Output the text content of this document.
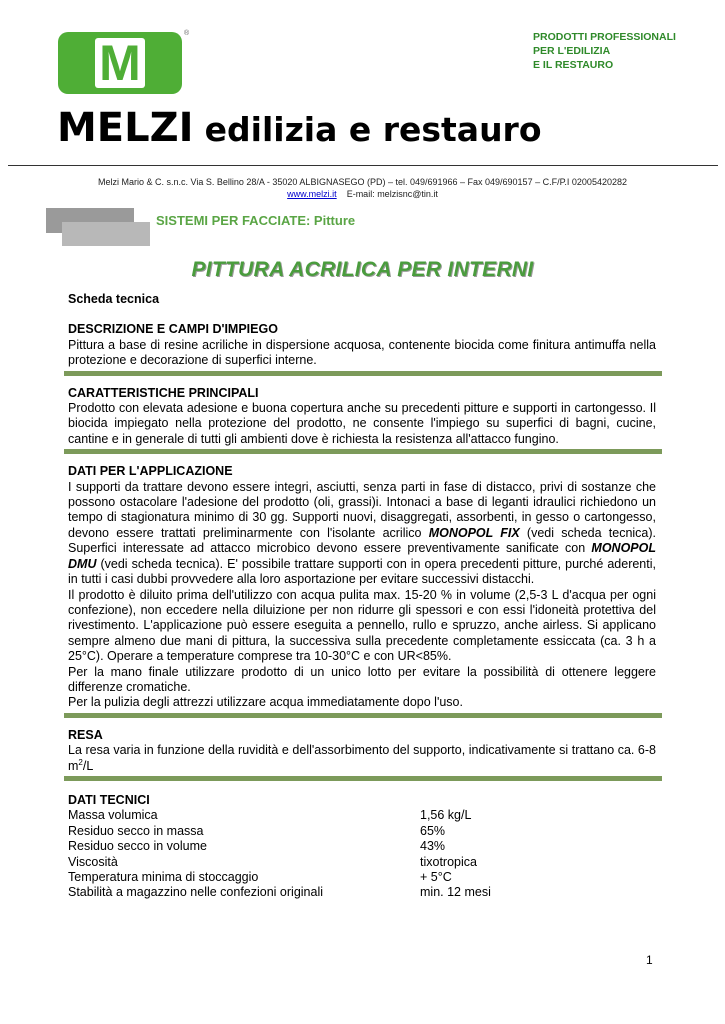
M
®
MELZI edilizia e restauro
PRODOTTI PROFESSIONALI
PER L'EDILIZIA
E IL RESTAURO
Melzi Mario & C. s.n.c. Via S. Bellino 28/A - 35020 ALBIGNASEGO (PD) – tel. 049/691966 – Fax 049/690157 – C.F/P.I 02005420282
www.melzi.it E-mail: melzisnc@tin.it
SISTEMI PER FACCIATE: Pitture
PITTURA ACRILICA PER INTERNI

Scheda tecnica

DESCRIZIONE E CAMPI D'IMPIEGO

Pittura a base di resine acriliche in dispersione acquosa, contenente biocida come finitura antimuffa nella protezione e decorazione di superfici interne.

CARATTERISTICHE PRINCIPALI

Prodotto con elevata adesione e buona copertura anche su precedenti pitture e supporti in cartongesso. Il biocida impiegato nella protezione del prodotto, ne consente l'impiego su superfici di bagni, cucine, cantine e in generale di tutti gli ambienti dove è richiesta la resistenza all'attacco fungino.

DATI PER L'APPLICAZIONE

I supporti da trattare devono essere integri, asciutti, senza parti in fase di distacco, privi di sostanze che possono ostacolare l'adesione del prodotto (oli, grassi)i. Intonaci a base di leganti idraulici richiedono un tempo di stagionatura minimo di 30 gg. Supporti nuovi, disaggregati, assorbenti, in gesso o cartongesso, devono essere trattati preliminarmente con l'isolante acrilico MONOPOL FIX (vedi scheda tecnica). Superfici interessate ad attacco microbico devono essere preventivamente sanificate con MONOPOL DMU (vedi scheda tecnica). E' possibile trattare supporti con in opera precedenti pitture, purché aderenti, in tutti i casi dubbi provvedere alla loro asportazione per evitare successivi distacchi.

Il prodotto è diluito prima dell'utilizzo con acqua pulita max. 15-20 % in volume (2,5-3 L d'acqua per ogni confezione), non eccedere nella diluizione per non ridurre gli spessori e con essi l'idoneità protettiva del rivestimento. L'applicazione può essere eseguita a pennello, rullo e spruzzo, anche airless. Si applicano sempre almeno due mani di pittura, la successiva sulla precedente completamente essiccata (ca. 3 h a 25°C). Operare a temperature comprese tra 10-30°C e con UR<85%.

Per la mano finale utilizzare prodotto di un unico lotto per evitare la possibilità di ottenere leggere differenze cromatiche.

Per la pulizia degli attrezzi utilizzare acqua immediatamente dopo l'uso.

RESA

La resa varia in funzione della ruvidità e dell'assorbimento del supporto, indicativamente si trattano ca. 6-8 $m^2/L$

DATI TECNICI

Massa volumica	1,56 kg/L
Residuo secco in massa	65%
Residuo secco in volume	43%
Viscosità	tixotropica
Temperatura minima di stoccaggio	+ 5°C
Stabilità a magazzino nelle confezioni originali	min. 12 mesi
1
